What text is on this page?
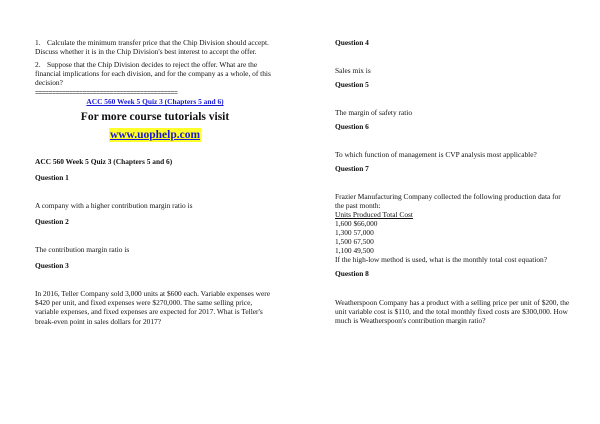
1. Calculate the minimum transfer price that the Chip Division should accept. Discuss whether it is in the Chip Division's best interest to accept the offer.

2. Suppose that the Chip Division decides to reject the offer. What are the financial implications for each division, and for the company as a whole, of this decision?

==========================================
ACC 560 Week 5 Quiz 3 (Chapters 5 and 6)
For more course tutorials visit
www.uophelp.com

ACC 560 Week 5 Quiz 3 (Chapters 5 and 6)

Question 1

A company with a higher contribution margin ratio is

Question 2

The contribution margin ratio is

Question 3

In 2016, Teller Company sold 3,000 units at $600 each. Variable expenses were $420 per unit, and fixed expenses were $270,000. The same selling price, variable expenses, and fixed expenses are expected for 2017. What is Teller's break-even point in sales dollars for 2017?

Question 4

Sales mix is

Question 5

The margin of safety ratio

Question 6

To which function of management is CVP analysis most applicable?

Question 7

Frazier Manufacturing Company collected the following production data for the past month:

Units Produced Total Cost

1,600 $66,000

1,300 57,000

1,500 67,500

1,100 49,500

If the high-low method is used, what is the monthly total cost equation?

Question 8

Weatherspoon Company has a product with a selling price per unit of $200, the unit variable cost is $110, and the total monthly fixed costs are $300,000. How much is Weatherspoon's contribution margin ratio?
